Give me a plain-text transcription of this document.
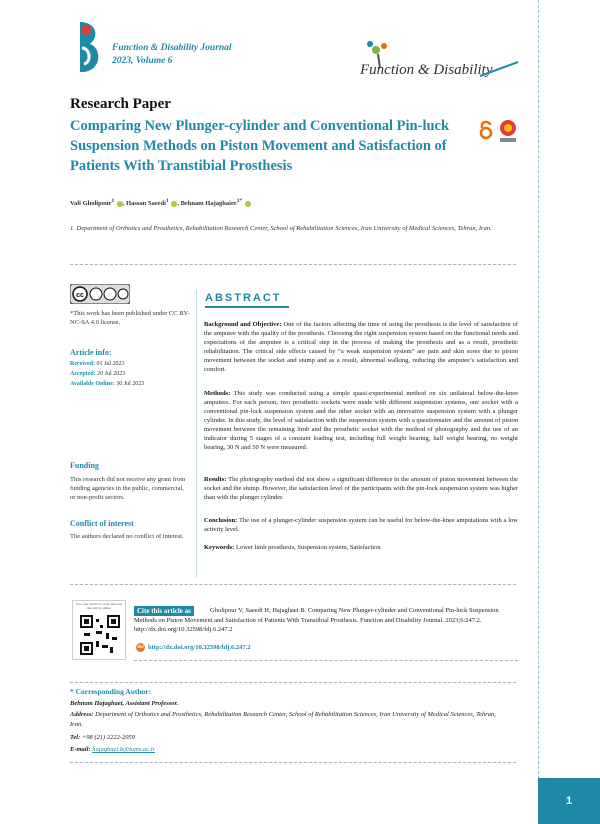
Function & Disability Journal
2023, Volume 6
Function & Disability
1
Research Paper
Comparing New Plunger-cylinder and Conventional Pin-luck Suspension Methods on Piston Movement and Satisfaction of Patients With Transtibial Prosthesis
Vali Gholipour$^1$ , Hassan Saeedi$^1$ , Behnam Hajaghaiee$^{1*}$
1. Department of Orthotics and Prosthetics, Rehabilitation Research Center, School of Rehabilitation Sciences, Iran University of Medical Sciences, Tehran, Iran.
cc
*This work has been published under CC BY-NC-SA 4.0 license.
Article info:
Received: 01 Jul 2023
Accepted: 20 Jul 2023
Available Online: 30 Jul 2023
Funding
This research did not receive any grant from funding agencies in the public, commercial, or non-profit sectors.
Conflict of interest
The authors declared no conflict of interest.
ABSTRACT
Background and Objective: One of the factors affecting the time of using the prosthesis is the level of satisfaction of the amputee with the quality of the prosthesis. Choosing the right suspension system based on the functional needs and expectations of the amputee is a critical step in the process of making the prosthesis and as a result, prosthetic rehabilitation. The critical side effects caused by “a weak suspension system” are pain and skin sores due to piston movement between the socket and stump and as a result, abnormal walking, reducing the amputee’s satisfaction and comfort.
Methods: This study was conducted using a simple quasi-experimental method on six unilateral below-the-knee amputees. For each person, two prosthetic sockets were made with different suspension systems, one socket with a conventional pin-lock suspension system and the other socket with an innovative suspension system with a plunger cylinder. In this study, the level of satisfaction with the suspension system with a questionnaire and the amount of piston movement between the remaining limb and the prosthetic socket with the method of photography and the use of an indicator during 5 stages of a constant loading test, including full weight bearing, half weight bearing, no weight bearing, 30 N and 50 N were measured.
Results: The photography method did not show a significant difference in the amount of piston movement between the socket and the stump. However, the satisfaction level of the participants with the pin-lock suspension system was higher than with the plunger cylinder.
Conclusion: The use of a plunger-cylinder suspension system can be useful for below-the-knee amputations with a low activity level.
Keywords: Lower limb prosthesis, Suspension system, Satisfaction
Use your device to scan and read the article online	Gholipour V, Saeedi H, Hajaghaei B. Comparing New Plunger-cylinder and Conventional Pin-luck Suspension Methods on Piston Movement and Satisfaction of Patients With Transtibial Prosthesis. Function and Disability Journal. 2023;6:247.2. http://dx.doi.org/10.32598/fdj.6.247.2
Cite this article as
doi http://dx.doi.org/10.32598/fdj.6.247.2
* Corresponding Author:
Behnam Hajaghaei, Assistant Professor.
Address: Department of Orthotics and Prosthetics, Rehabilitation Research Center, School of Rehabilitation Sciences, Iran University of Medical Sciences, Tehran, Iran.
Tel: +98 (21) 2222-2059
E-mail: hajaghaei.b@iums.ac.ir
